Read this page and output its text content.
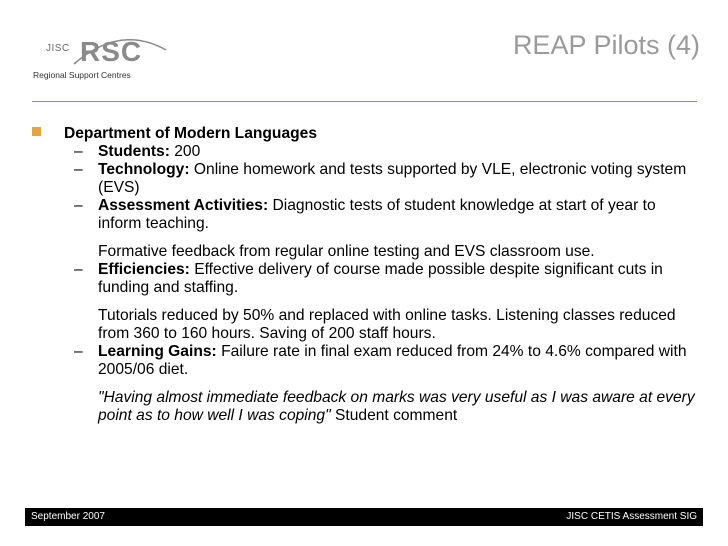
JISC RSC
Regional Support Centres
REAP Pilots (4)
Department of Modern Languages
– Students: 200
– Technology: Online homework and tests supported by VLE, electronic voting system (EVS)
– Assessment Activities: Diagnostic tests of student knowledge at start of year to inform teaching.
Formative feedback from regular online testing and EVS classroom use.
– Efficiencies: Effective delivery of course made possible despite significant cuts in funding and staffing.
Tutorials reduced by 50% and replaced with online tasks. Listening classes reduced from 360 to 160 hours. Saving of 200 staff hours.
– Learning Gains: Failure rate in final exam reduced from 24% to 4.6% compared with 2005/06 diet.
"Having almost immediate feedback on marks was very useful as I was aware at every point as to how well I was coping" Student comment
September 2007	JISC CETIS Assessment SIG
